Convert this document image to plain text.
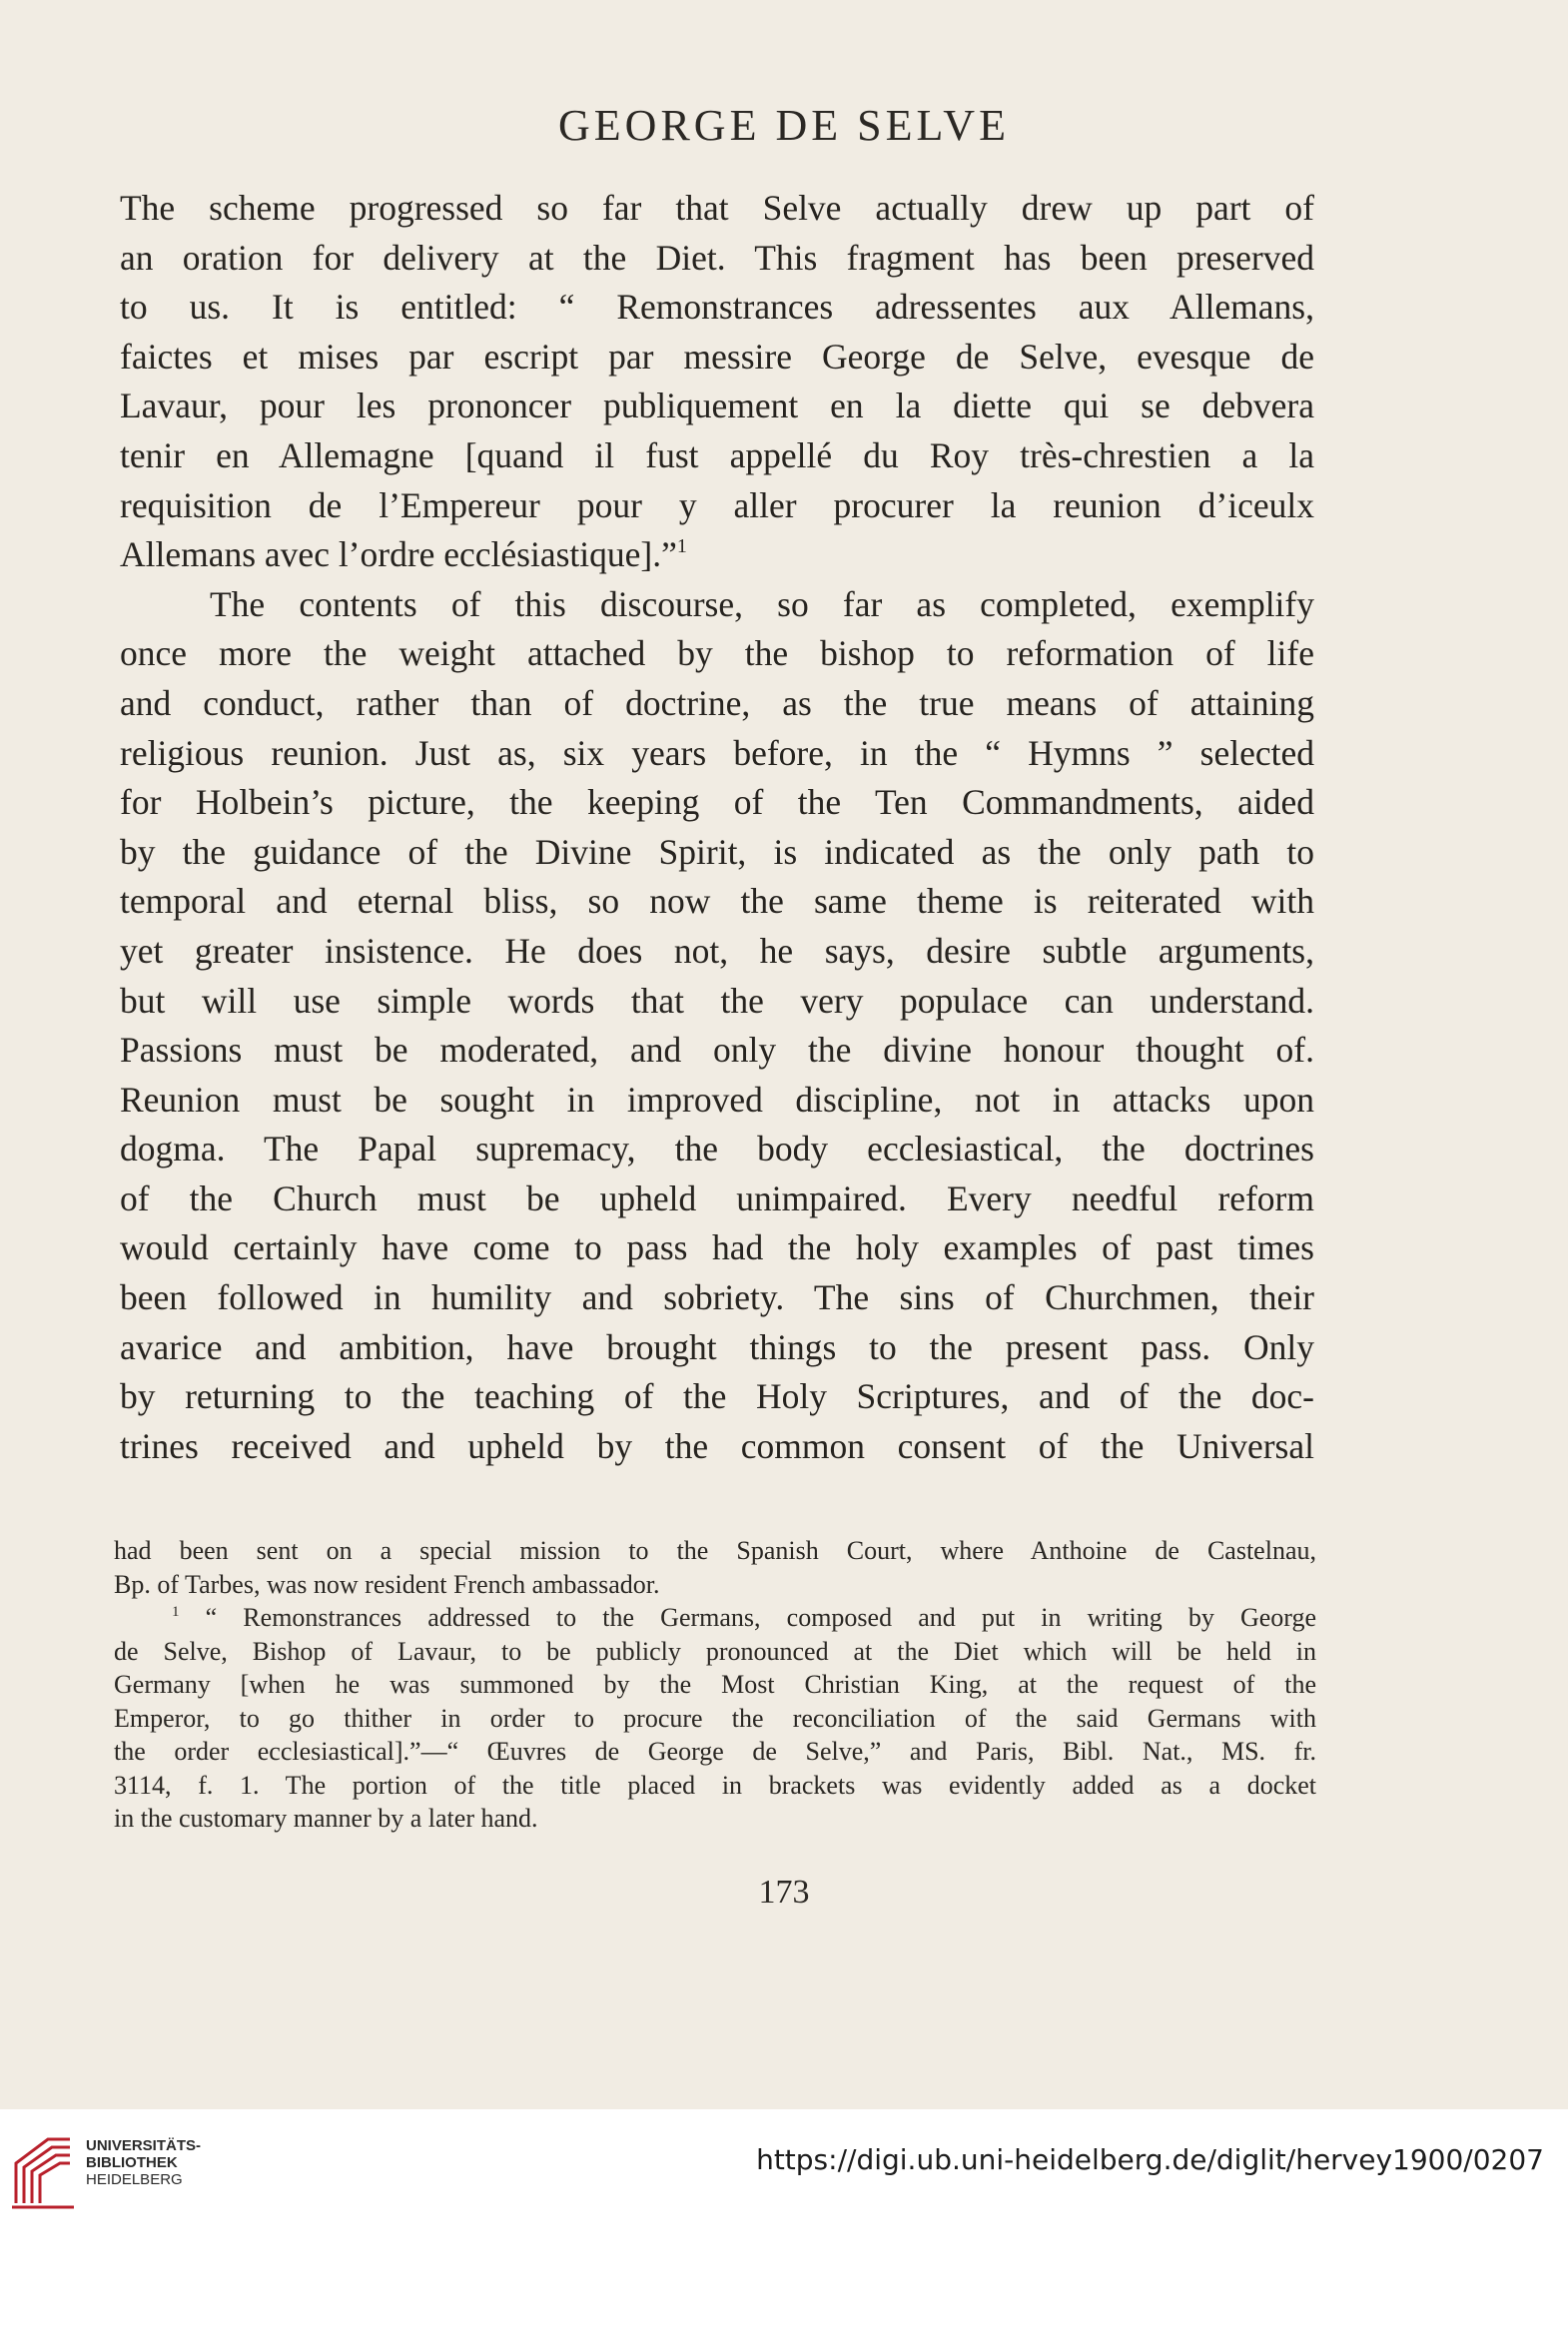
GEORGE DE SELVE
The scheme progressed so far that Selve actually drew up part of
an oration for delivery at the Diet. This fragment has been preserved
to us. It is entitled: “ Remonstrances adressentes aux Allemans,
faictes et mises par escript par messire George de Selve, evesque de
Lavaur, pour les prononcer publiquement en la diette qui se debvera
tenir en Allemagne [quand il fust appellé du Roy très-chrestien a la
requisition de l’Empereur pour y aller procurer la reunion d’iceulx
Allemans avec l’ordre ecclésiastique].”$^1$
The contents of this discourse, so far as completed, exemplify
once more the weight attached by the bishop to reformation of life
and conduct, rather than of doctrine, as the true means of attaining
religious reunion. Just as, six years before, in the “ Hymns ” selected
for Holbein’s picture, the keeping of the Ten Commandments, aided
by the guidance of the Divine Spirit, is indicated as the only path to
temporal and eternal bliss, so now the same theme is reiterated with
yet greater insistence. He does not, he says, desire subtle arguments,
but will use simple words that the very populace can understand.
Passions must be moderated, and only the divine honour thought of.
Reunion must be sought in improved discipline, not in attacks upon
dogma. The Papal supremacy, the body ecclesiastical, the doctrines
of the Church must be upheld unimpaired. Every needful reform
would certainly have come to pass had the holy examples of past times
been followed in humility and sobriety. The sins of Churchmen, their
avarice and ambition, have brought things to the present pass. Only
by returning to the teaching of the Holy Scriptures, and of the doc-
trines received and upheld by the common consent of the Universal
had been sent on a special mission to the Spanish Court, where Anthoine de Castelnau,
Bp. of Tarbes, was now resident French ambassador.
$^1$ “ Remonstrances addressed to the Germans, composed and put in writing by George
de Selve, Bishop of Lavaur, to be publicly pronounced at the Diet which will be held in
Germany [when he was summoned by the Most Christian King, at the request of the
Emperor, to go thither in order to procure the reconciliation of the said Germans with
the order ecclesiastical].”—“ Œuvres de George de Selve,” and Paris, Bibl. Nat., MS. fr.
3114, f. 1. The portion of the title placed in brackets was evidently added as a docket
in the customary manner by a later hand.
173
UNIVERSITÄTS-
BIBLIOTHEK
HEIDELBERG
https://digi.ub.uni-heidelberg.de/diglit/hervey1900/0207
